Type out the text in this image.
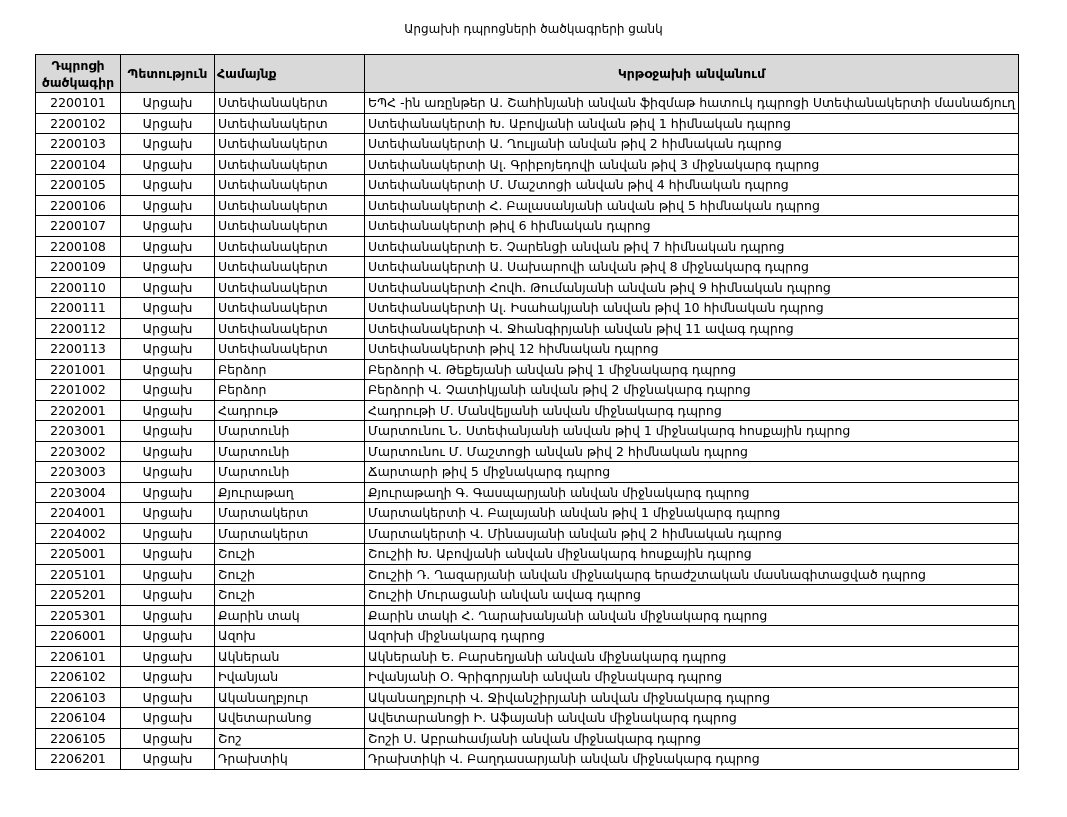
Արցախի դպրոցների ծածկագրերի ցանկ
Դպրոցի ծածկագիր	Պետություն	Համայնք	Կրթօջախի անվանում
2200101	Արցախ	Ստեփանակերտ	ԵՊՀ -ին առընթեր Ա. Շահինյանի անվան ֆիզմաթ հատուկ դպրոցի Ստեփանակերտի մասնաճյուղ
2200102	Արցախ	Ստեփանակերտ	Ստեփանակերտի Խ. Աբովյանի անվան թիվ 1 հիմնական դպրոց
2200103	Արցախ	Ստեփանակերտ	Ստեփանակերտի Ա. Ղուլյանի անվան թիվ 2 հիմնական դպրոց
2200104	Արցախ	Ստեփանակերտ	Ստեփանակերտի Ալ. Գրիբոյեդովի անվան թիվ 3 միջնակարգ դպրոց
2200105	Արցախ	Ստեփանակերտ	Ստեփանակերտի Մ. Մաշտոցի անվան թիվ 4 հիմնական դպրոց
2200106	Արցախ	Ստեփանակերտ	Ստեփանակերտի Հ. Բալասանյանի անվան թիվ 5 հիմնական դպրոց
2200107	Արցախ	Ստեփանակերտ	Ստեփանակերտի թիվ 6 հիմնական դպրոց
2200108	Արցախ	Ստեփանակերտ	Ստեփանակերտի Ե. Չարենցի անվան թիվ 7 հիմնական դպրոց
2200109	Արցախ	Ստեփանակերտ	Ստեփանակերտի Ա. Սախարովի անվան թիվ 8 միջնակարգ դպրոց
2200110	Արցախ	Ստեփանակերտ	Ստեփանակերտի Հովհ. Թումանյանի անվան թիվ 9 հիմնական դպրոց
2200111	Արցախ	Ստեփանակերտ	Ստեփանակերտի Ալ. Իսահակյանի անվան թիվ 10 հիմնական դպրոց
2200112	Արցախ	Ստեփանակերտ	Ստեփանակերտի Վ. Ջհանգիրյանի անվան թիվ 11 ավագ դպրոց
2200113	Արցախ	Ստեփանակերտ	Ստեփանակերտի թիվ 12 հիմնական դպրոց
2201001	Արցախ	Բերձոր	Բերձորի Վ. Թեքեյանի անվան թիվ 1 միջնակարգ դպրոց
2201002	Արցախ	Բերձոր	Բերձորի Վ. Չատիկյանի անվան թիվ 2 միջնակարգ դպրոց
2202001	Արցախ	Հադրութ	Հադրութի Մ. Մանվելյանի անվան միջնակարգ դպրոց
2203001	Արցախ	Մարտունի	Մարտունու Ն. Ստեփանյանի անվան թիվ 1 միջնակարգ հոսքային դպրոց
2203002	Արցախ	Մարտունի	Մարտունու Մ. Մաշտոցի անվան թիվ 2 հիմնական դպրոց
2203003	Արցախ	Մարտունի	Ճարտարի թիվ 5 միջնակարգ դպրոց
2203004	Արցախ	Քյուրաթաղ	Քյուրաթաղի Գ. Գասպարյանի անվան միջնակարգ դպրոց
2204001	Արցախ	Մարտակերտ	Մարտակերտի Վ. Բալայանի անվան թիվ 1 միջնակարգ դպրոց
2204002	Արցախ	Մարտակերտ	Մարտակերտի Վ. Մինասյանի անվան թիվ 2 հիմնական դպրոց
2205001	Արցախ	Շուշի	Շուշիի Խ. Աբովյանի անվան միջնակարգ հոսքային դպրոց
2205101	Արցախ	Շուշի	Շուշիի Դ. Ղազարյանի անվան միջնակարգ երաժշտական մասնագիտացված դպրոց
2205201	Արցախ	Շուշի	Շուշիի Մուրացանի անվան ավագ դպրոց
2205301	Արցախ	Քարին տակ	Քարին տակի Հ. Ղարախանյանի անվան միջնակարգ դպրոց
2206001	Արցախ	Ազոխ	Ազոխի միջնակարգ դպրոց
2206101	Արցախ	Ակներան	Ակներանի Ե. Բարսեղյանի անվան միջնակարգ դպրոց
2206102	Արցախ	Իվանյան	Իվանյանի Օ. Գրիգորյանի անվան միջնակարգ դպրոց
2206103	Արցախ	Ականաղբյուր	Ականաղբյուրի Վ. Ջիվանշիրյանի անվան միջնակարգ դպրոց
2206104	Արցախ	Ավետարանոց	Ավետարանոցի Ի. Աֆայանի անվան միջնակարգ դպրոց
2206105	Արցախ	Շոշ	Շոշի Ս. Աբրահամյանի անվան միջնակարգ դպրոց
2206201	Արցախ	Դրախտիկ	Դրախտիկի Վ. Բաղդասարյանի անվան միջնակարգ դպրոց
